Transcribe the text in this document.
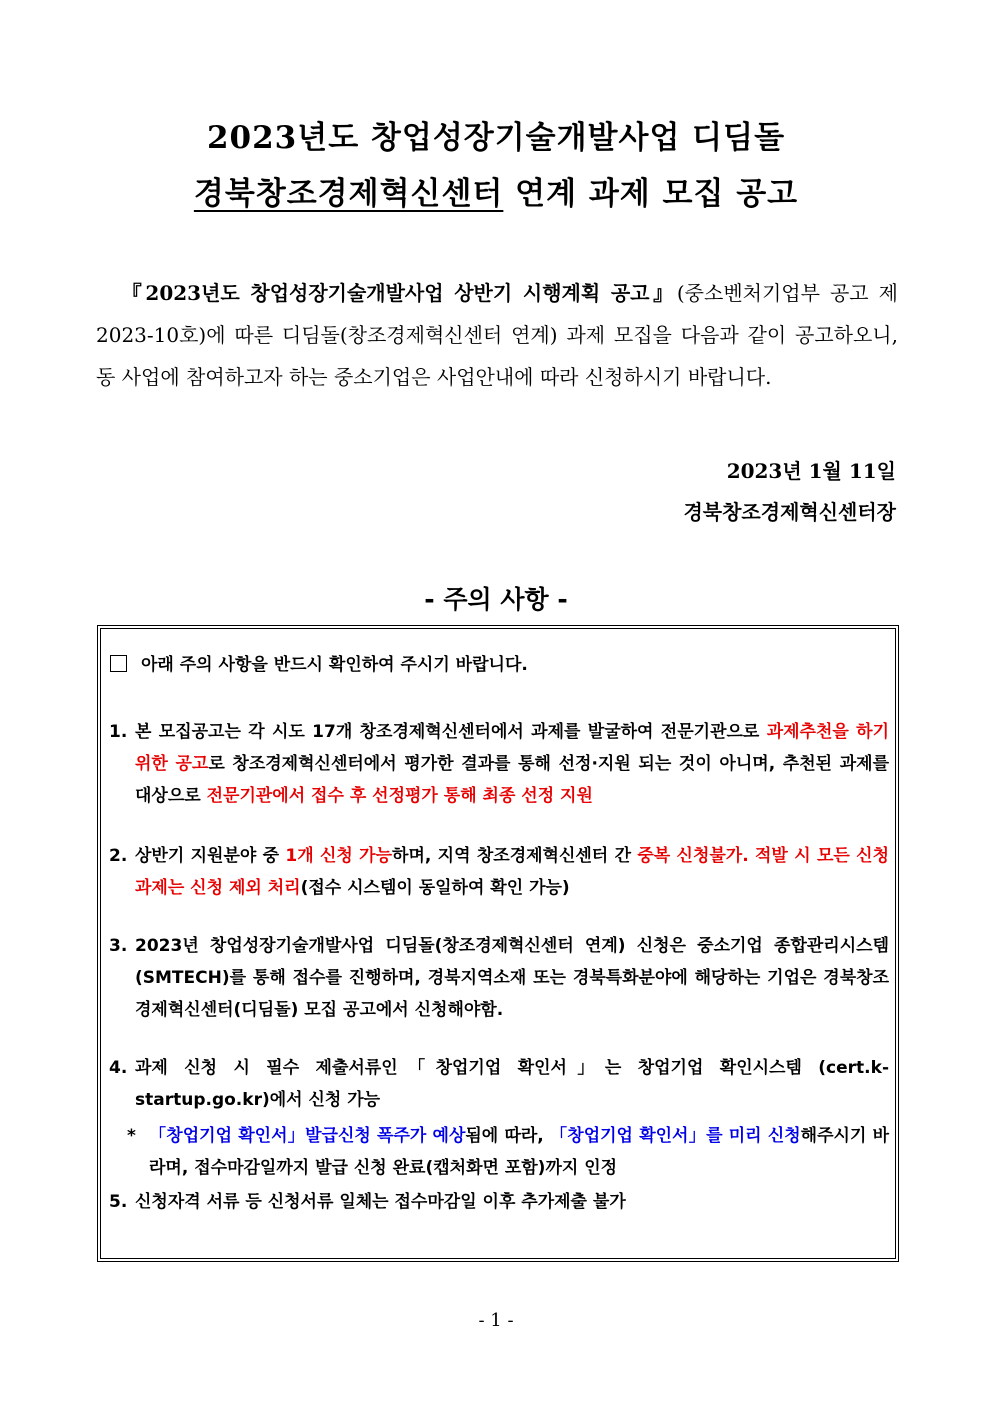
2023년도 창업성장기술개발사업 디딤돌
경북창조경제혁신센터 연계 과제 모집 공고
『2023년도 창업성장기술개발사업 상반기 시행계획 공고』(중소벤처기업부 공고 제2023-10호)에 따른 디딤돌(창조경제혁신센터 연계) 과제 모집을 다음과 같이 공고하오니, 동 사업에 참여하고자 하는 중소기업은 사업안내에 따라 신청하시기 바랍니다.
2023년 1월 11일
경북창조경제혁신센터장
- 주의 사항 -
아래 주의 사항을 반드시 확인하여 주시기 바랍니다.
- 1 -
1. 본 모집공고는 각 시도 17개 창조경제혁신센터에서 과제를 발굴하여 전문기관으로 과제추천을 하기 위한 공고로 창조경제혁신센터에서 평가한 결과를 통해 선정·지원 되는 것이 아니며, 추천된 과제를 대상으로 전문기관에서 접수 후 선정평가 통해 최종 선정 지원
2. 상반기 지원분야 중 1개 신청 가능하며, 지역 창조경제혁신센터 간 중복 신청불가. 적발 시 모든 신청과제는 신청 제외 처리(접수 시스템이 동일하여 확인 가능)
3. 2023년 창업성장기술개발사업 디딤돌(창조경제혁신센터 연계) 신청은 중소기업 종합관리시스템(SMTECH)를 통해 접수를 진행하며, 경북지역소재 또는 경북특화분야에 해당하는 기업은 경북창조경제혁신센터(디딤돌) 모집 공고에서 신청해야함.
4. 과제 신청 시 필수 제출서류인「창업기업 확인서」는 창업기업 확인시스템 (cert.k-startup.go.kr)에서 신청 가능
* 「창업기업 확인서」발급신청 폭주가 예상됨에 따라, 「창업기업 확인서」를 미리 신청해주시기 바라며, 접수마감일까지 발급 신청 완료(캡처화면 포함)까지 인정
5. 신청자격 서류 등 신청서류 일체는 접수마감일 이후 추가제출 불가
